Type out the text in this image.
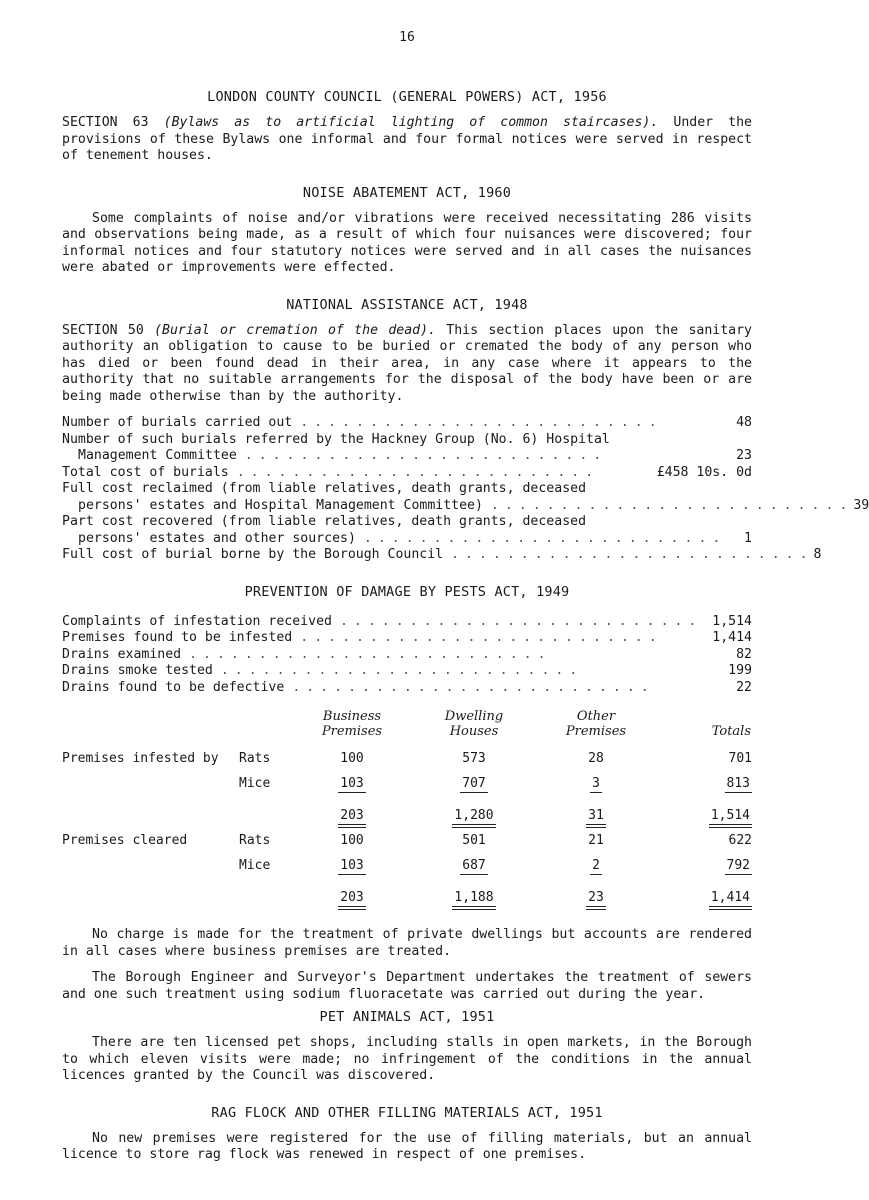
16
LONDON COUNTY COUNCIL (GENERAL POWERS) ACT, 1956

SECTION 63 (Bylaws as to artificial lighting of common staircases). Under the provisions of these Bylaws one informal and four formal notices were served in respect of tenement houses.

NOISE ABATEMENT ACT, 1960

Some complaints of noise and/or vibrations were received necessitating 286 visits and observations being made, as a result of which four nuisances were discovered; four informal notices and four statutory notices were served and in all cases the nuisances were abated or improvements were effected.

NATIONAL ASSISTANCE ACT, 1948

SECTION 50 (Burial or cremation of the dead). This section places upon the sanitary authority an obligation to cause to be buried or cremated the body of any person who has died or been found dead in their area, in any case where it appears to the authority that no suitable arrangements for the disposal of the body have been or are being made otherwise than by the authority.

Number of burials carried out ..........................	48
Number of such burials referred by the Hackney Group (No. 6) Hospital
Management Committee ..........................	23
Total cost of burials ..........................	£458 10s. 0d
Full cost reclaimed (from liable relatives, death grants, deceased
persons' estates and Hospital Management Committee) .......................... 39
Part cost recovered (from liable relatives, death grants, deceased
persons' estates and other sources) ..........................	1
Full cost of burial borne by the Borough Council .......................... 8
PREVENTION OF DAMAGE BY PESTS ACT, 1949
Complaints of infestation received .......................... 1,514
Premises found to be infested ..........................	1,414
Drains examined ..........................	82
Drains smoke tested ..........................	199
Drains found to be defective ..........................	22

		Business Premises	Dwelling Houses	Other Premises	Totals

Premises infested by	Rats	100	573	28	701
	Mice	103	707	3	813
		203	1,280	31	1,514
Premises cleared	Rats	100	501	21	622
	Mice	103	687	2	792
		203	1,188	23	1,414

No charge is made for the treatment of private dwellings but accounts are rendered in all cases where business premises are treated.

The Borough Engineer and Surveyor's Department undertakes the treatment of sewers and one such treatment using sodium fluoracetate was carried out during the year.

PET ANIMALS ACT, 1951

There are ten licensed pet shops, including stalls in open markets, in the Borough to which eleven visits were made; no infringement of the conditions in the annual licences granted by the Council was discovered.

RAG FLOCK AND OTHER FILLING MATERIALS ACT, 1951

No new premises were registered for the use of filling materials, but an annual licence to store rag flock was renewed in respect of one premises.
